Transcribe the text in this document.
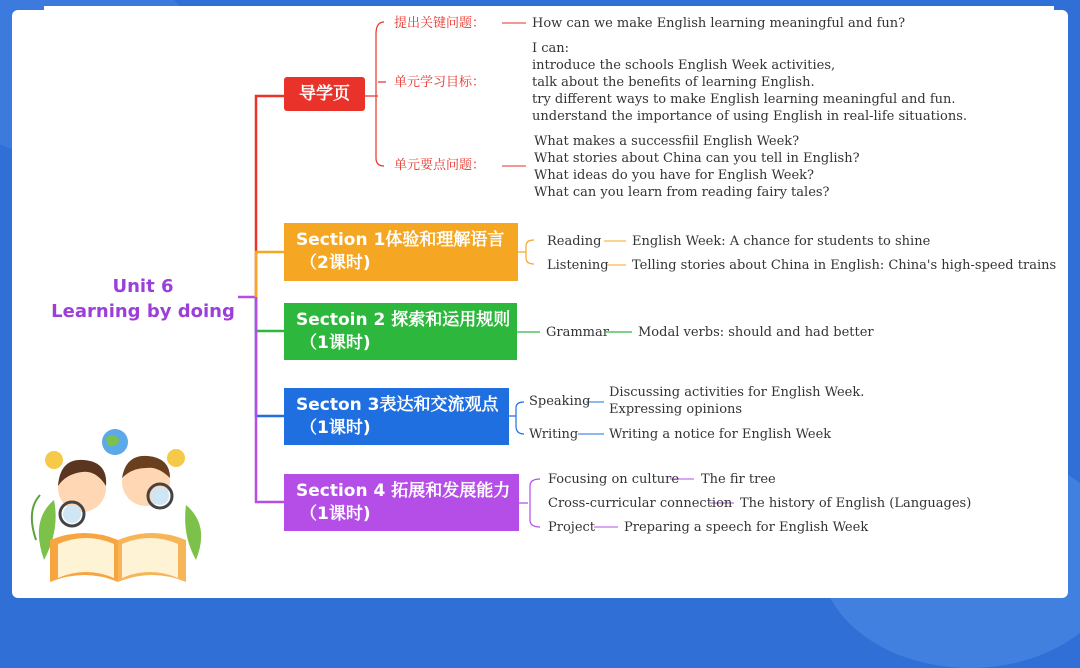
Unit 6
Learning by doing
导学页
提出关键问题：	How can we make English learning meaningful and fun?
单元学习目标：
I can:
introduce the schools English Week activities,
talk about the benefits of learning English.
try different ways to make English learning meaningful and fun.
understand the importance of using English in real-life situations.
单元要点问题：
What makes a successfiil English Week?
What stories about China can you tell in English?
What ideas do you have for English Week?
What can you learn from reading fairy tales?
Section 1体验和理解语言
（2课时)
Reading English Week: A chance for students to shine
Listening Telling stories about China in English: China's high-speed trains
Sectoin 2 探索和运用规则
（1课时)
Grammar Modal verbs: should and had better
Secton 3表达和交流观点
（1课时)
Speaking
Discussing activities for English Week.
Expressing opinions
Writing Writing a notice for English Week
Section 4 拓展和发展能力
（1课时)
Focusing on culture The fir tree
Cross-curricular connection The history of English (Languages)
Project Preparing a speech for English Week
